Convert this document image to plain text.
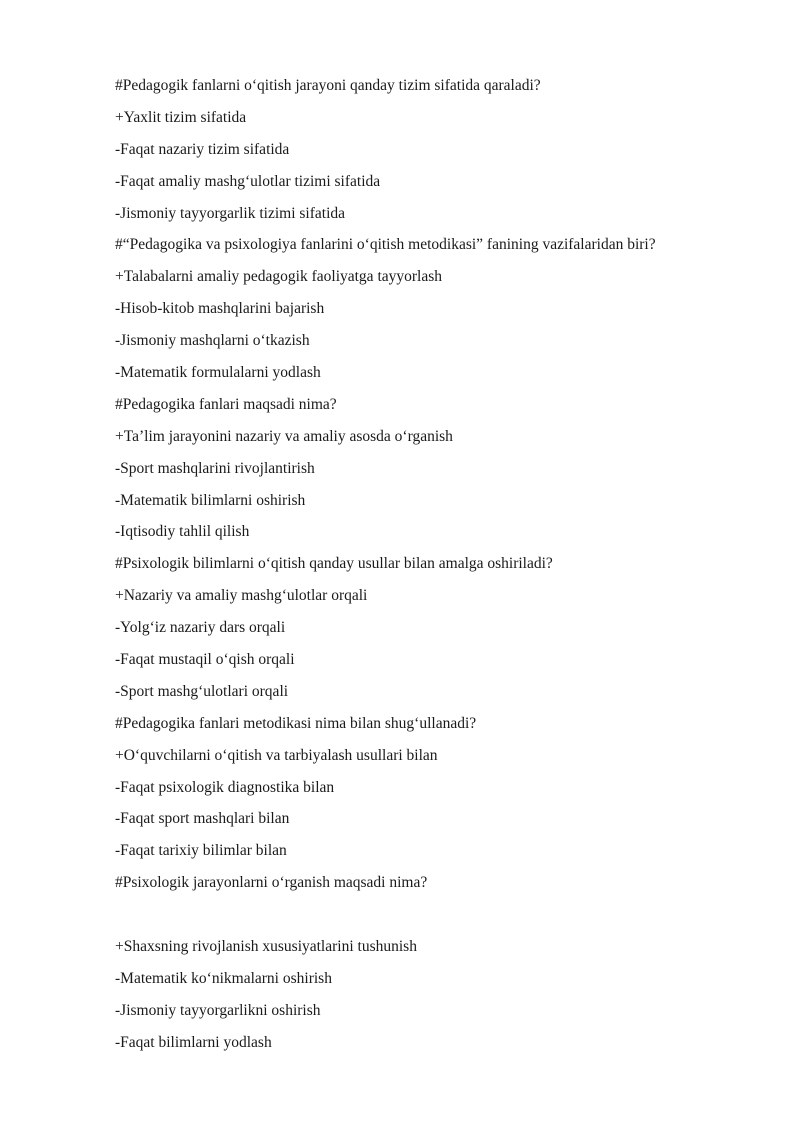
#Pedagogik fanlarni o‘qitish jarayoni qanday tizim sifatida qaraladi?
+Yaxlit tizim sifatida
-Faqat nazariy tizim sifatida
-Faqat amaliy mashg‘ulotlar tizimi sifatida
-Jismoniy tayyorgarlik tizimi sifatida
#“Pedagogika va psixologiya fanlarini o‘qitish metodikasi” fanining vazifalaridan biri?
+Talabalarni amaliy pedagogik faoliyatga tayyorlash
-Hisob-kitob mashqlarini bajarish
-Jismoniy mashqlarni o‘tkazish
-Matematik formulalarni yodlash
#Pedagogika fanlari maqsadi nima?
+Ta’lim jarayonini nazariy va amaliy asosda o‘rganish
-Sport mashqlarini rivojlantirish
-Matematik bilimlarni oshirish
-Iqtisodiy tahlil qilish
#Psixologik bilimlarni o‘qitish qanday usullar bilan amalga oshiriladi?
+Nazariy va amaliy mashg‘ulotlar orqali
-Yolg‘iz nazariy dars orqali
-Faqat mustaqil o‘qish orqali
-Sport mashg‘ulotlari orqali
#Pedagogika fanlari metodikasi nima bilan shug‘ullanadi?
+O‘quvchilarni o‘qitish va tarbiyalash usullari bilan
-Faqat psixologik diagnostika bilan
-Faqat sport mashqlari bilan
-Faqat tarixiy bilimlar bilan
#Psixologik jarayonlarni o‘rganish maqsadi nima?
+Shaxsning rivojlanish xususiyatlarini tushunish
-Matematik ko‘nikmalarni oshirish
-Jismoniy tayyorgarlikni oshirish
-Faqat bilimlarni yodlash
